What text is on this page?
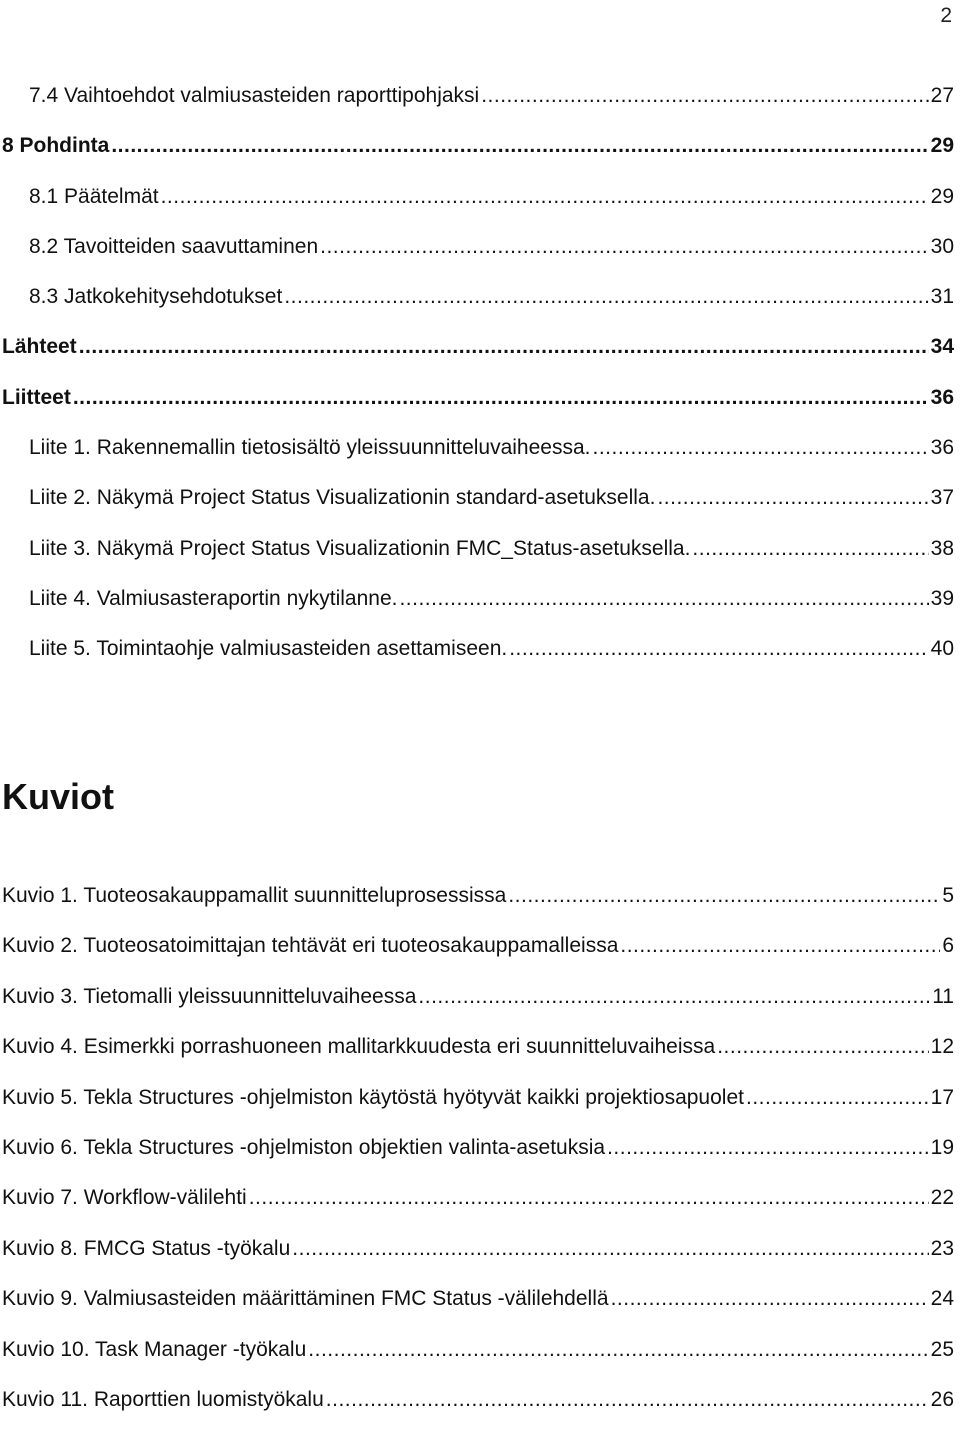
2
7.4 Vaihtoehdot valmiusasteiden raporttipohjaksi .....	27
8 Pohdinta .....	29
8.1 Päätelmät .....	29
8.2 Tavoitteiden saavuttaminen .....	30
8.3 Jatkokehitysehdotukset .....	31
Lähteet .....	34
Liitteet .....	36
Liite 1. Rakennemallin tietosisältö yleissuunnitteluvaiheessa. .....	36
Liite 2. Näkymä Project Status Visualizationin standard-asetuksella. .....	37
Liite 3. Näkymä Project Status Visualizationin FMC_Status-asetuksella. .....	38
Liite 4. Valmiusasteraportin nykytilanne. .....	39
Liite 5. Toimintaohje valmiusasteiden asettamiseen. .....	40
Kuviot
Kuvio 1. Tuoteosakauppamallit suunnitteluprosessissa .....	5
Kuvio 2. Tuoteosatoimittajan tehtävät eri tuoteosakauppamalleissa .....	6
Kuvio 3. Tietomalli yleissuunnitteluvaiheessa .....	11
Kuvio 4. Esimerkki porrashuoneen mallitarkkuudesta eri suunnitteluvaiheissa .....	12
Kuvio 5. Tekla Structures -ohjelmiston käytöstä hyötyvät kaikki projektiosapuolet .....	17
Kuvio 6. Tekla Structures -ohjelmiston objektien valinta-asetuksia .....	19
Kuvio 7. Workflow-välilehti .....	22
Kuvio 8. FMCG Status -työkalu .....	23
Kuvio 9. Valmiusasteiden määrittäminen FMC Status -välilehdellä .....	24
Kuvio 10. Task Manager -työkalu .....	25
Kuvio 11. Raporttien luomistyökalu .....	26
